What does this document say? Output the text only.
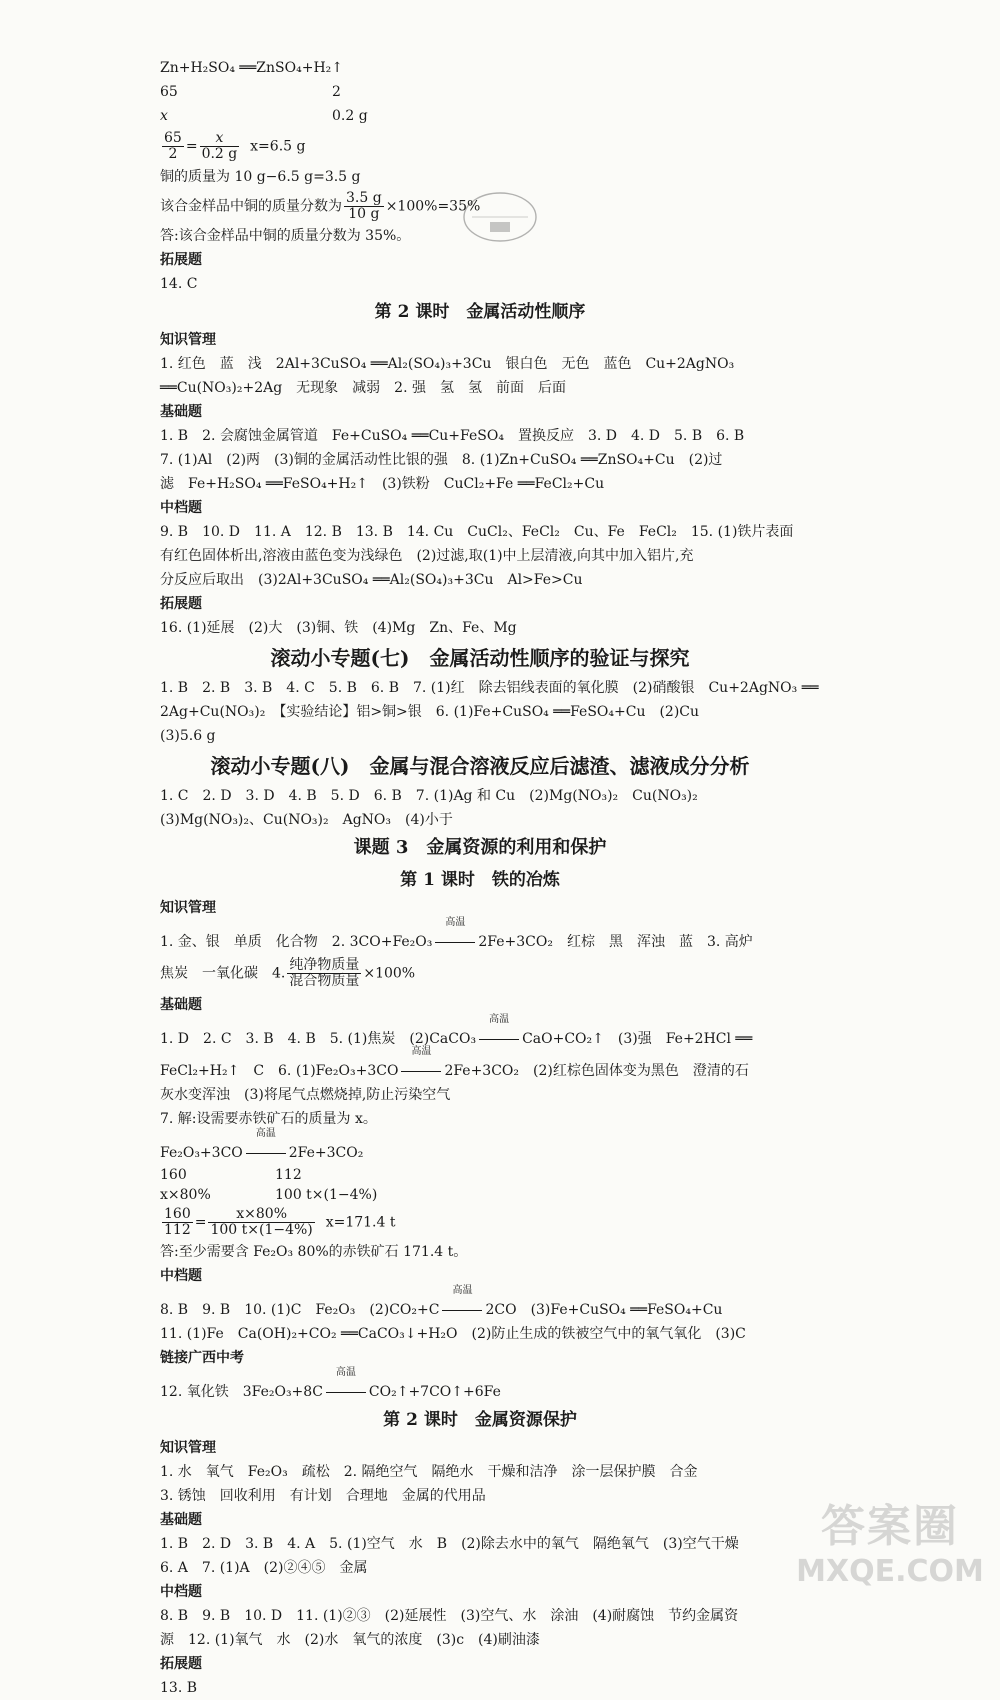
Zn+H₂SO₄ ══ZnSO₄+H₂↑
65	2
x	0.2 g
$\frac{65}{2} = \frac{x}{0.2 g} x=6.5$ g
铜的质量为 10 g−6.5 g=3.5 g
该合金样品中铜的质量分数为 $\frac{3.5 g}{10 g} \times 100\%=35\%$
答:该合金样品中铜的质量分数为 35%。
拓展题
14. C
第 2 课时　金属活动性顺序
知识管理
1. 红色　蓝　浅　2Al+3CuSO₄ ══Al₂(SO₄)₃+3Cu　银白色　无色　蓝色　Cu+2AgNO₃
══Cu(NO₃)₂+2Ag　无现象　减弱　2. 强　氢　氢　前面　后面
基础题
1. B　2. 会腐蚀金属管道　Fe+CuSO₄ ══Cu+FeSO₄　置换反应　3. D　4. D　5. B　6. B
7. (1)Al　(2)两　(3)铜的金属活动性比银的强　8. (1)Zn+CuSO₄ ══ZnSO₄+Cu　(2)过
滤　Fe+H₂SO₄ ══FeSO₄+H₂↑　(3)铁粉　CuCl₂+Fe ══FeCl₂+Cu
中档题
9. B　10. D　11. A　12. B　13. B　14. Cu　CuCl₂、FeCl₂　Cu、Fe　FeCl₂　15. (1)铁片表面
有红色固体析出,溶液由蓝色变为浅绿色　(2)过滤,取(1)中上层清液,向其中加入铝片,充
分反应后取出　(3)2Al+3CuSO₄ ══Al₂(SO₄)₃+3Cu　Al>Fe>Cu
拓展题
16. (1)延展　(2)大　(3)铜、铁　(4)Mg　Zn、Fe、Mg
滚动小专题(七)　金属活动性顺序的验证与探究
1. B　2. B　3. B　4. C　5. B　6. B　7. (1)红　除去铝线表面的氧化膜　(2)硝酸银　Cu+2AgNO₃ ══
2Ag+Cu(NO₃)₂　【实验结论】铝>铜>银　6. (1)Fe+CuSO₄ ══FeSO₄+Cu　(2)Cu
(3)5.6 g
滚动小专题(八)　金属与混合溶液反应后滤渣、滤液成分分析
1. C　2. D　3. D　4. B　5. D　6. B　7. (1)Ag 和 Cu　(2)Mg(NO₃)₂　Cu(NO₃)₂
(3)Mg(NO₃)₂、Cu(NO₃)₂　AgNO₃　(4)小于
课题 3　金属资源的利用和保护
第 1 课时　铁的冶炼
知识管理
1. 金、银　单质　化合物　2. 3CO+Fe₂O₃
高温
2Fe+3CO₂　红棕　黑　浑浊　蓝　3. 高炉
焦炭　一氧化碳　4. $\frac{\text{纯净物质量}}{\text{混合物质量}} \times 100\%$
基础题
1. D　2. C　3. B　4. B　5. (1)焦炭　(2)CaCO₃
高温
CaO+CO₂↑　(3)强　Fe+2HCl ══
FeCl₂+H₂↑　C　6. (1)Fe₂O₃+3CO
高温
2Fe+3CO₂　(2)红棕色固体变为黑色　澄清的石
灰水变浑浊　(3)将尾气点燃烧掉,防止污染空气
7. 解:设需要赤铁矿石的质量为 x。
Fe₂O₃+3CO
高温
2Fe+3CO₂
160	112
x×80%	100 t×(1−4%)
$\frac{160}{112} = \frac{x\times 80\%}{100 t\times(1-4\%)} x=171.4$ t
答:至少需要含 Fe₂O₃ 80%的赤铁矿石 171.4 t。
中档题
8. B　9. B　10. (1)C　Fe₂O₃　(2)CO₂+C
高温
2CO　(3)Fe+CuSO₄ ══FeSO₄+Cu
11. (1)Fe　Ca(OH)₂+CO₂ ══CaCO₃↓+H₂O　(2)防止生成的铁被空气中的氧气氧化　(3)C
链接广西中考
12. 氧化铁　3Fe₂O₃+8C
高温
CO₂↑+7CO↑+6Fe
第 2 课时　金属资源保护
知识管理
1. 水　氧气　Fe₂O₃　疏松　2. 隔绝空气　隔绝水　干燥和洁净　涂一层保护膜　合金
3. 锈蚀　回收利用　有计划　合理地　金属的代用品
基础题
1. B　2. D　3. B　4. A　5. (1)空气　水　B　(2)除去水中的氧气　隔绝氧气　(3)空气干燥
6. A　7. (1)A　(2)②④⑤　金属
中档题
8. B　9. B　10. D　11. (1)②③　(2)延展性　(3)空气、水　涂油　(4)耐腐蚀　节约金属资
源　12. (1)氧气　水　(2)水　氧气的浓度　(3)c　(4)刷油漆
拓展题
13. B
答案圈
MXQE.COM
